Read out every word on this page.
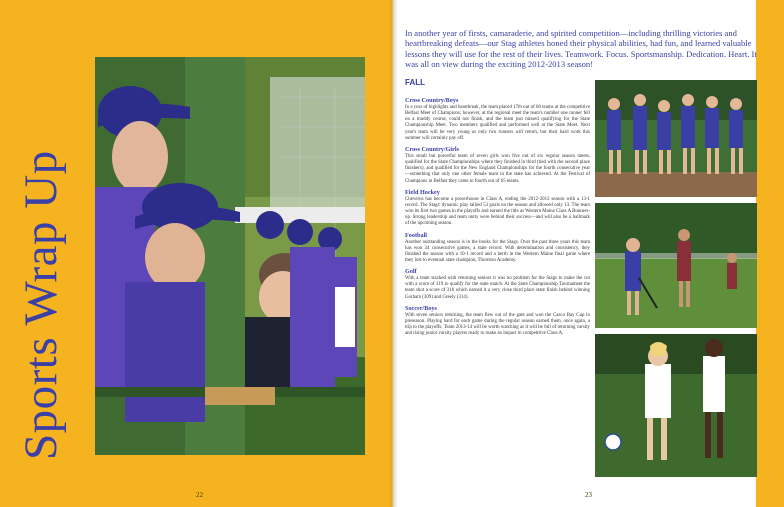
Sports Wrap Up
22

In another year of firsts, camaraderie, and spirited competition—including thrilling victories and heartbreaking defeats—our Stag athletes honed their physical abilities, had fun, and learned valuable lessons they will use for the rest of their lives. Teamwork. Focus. Sportsmanship. Dedication. Heart. It was all on view during the exciting 2012-2013 season!

FALL
Cross Country/Boys

In a year of highlights and heartbreak, the team placed 17th out of 60 teams at the competitive Belfast Meet of Champions; however, at the regional meet the team's number one runner fell on a muddy course, could not finish, and the team just missed qualifying for the State Championship Meet. Two members qualified and performed well at the State Meet. Next year's team will be very young as only two runners will return, but their hard work this summer will certainly pay off.

Cross Country/Girls

This small but powerful team of seven girls won five out of six regular season meets, qualified for the State Championships where they finished in third (tied with the second place finishers), and qualified for the New England Championships for the fourth consecutive year—something that only one other female team in the state has achieved. At the Festival of Champions in Belfast they came in fourth out of 65 teams.

Field Hockey

Cheverus has become a powerhouse in Class A, ending the 2012-2013 season with a 13-1 record. The Stags' dynamic play tallied 53 goals on the season and allowed only 13. The team won its first two games in the playoffs and earned the title as Western Maine Class A Runners-up. Strong leadership and team unity were behind their success—and will also be a hallmark of the upcoming season.

Football

Another outstanding season is in the books for the Stags. Over the past three years this team has won 34 consecutive games, a state record. With determination and consistency, they finished the season with a 10-1 record and a berth in the Western Maine final game where they lost to eventual state champion, Thornton Academy.

Golf

With a team stacked with returning seniors it was no problem for the Stags to make the cut with a score of 319 to qualify for the state match. At the State Championship Tournament the team shot a score of 316 which earned it a very close third place state finish behind winning Gorham (309) and Greely (314).

Soccer/Boys

With seven seniors returning, the team flew out of the gate and won the Casco Bay Cup in preseason. Playing hard for each game during the regular season earned them, once again, a trip to the playoffs. Team 2013-14 will be worth watching as it will be full of returning varsity and rising junior varsity players ready to make an impact in competitive Class A.

23
